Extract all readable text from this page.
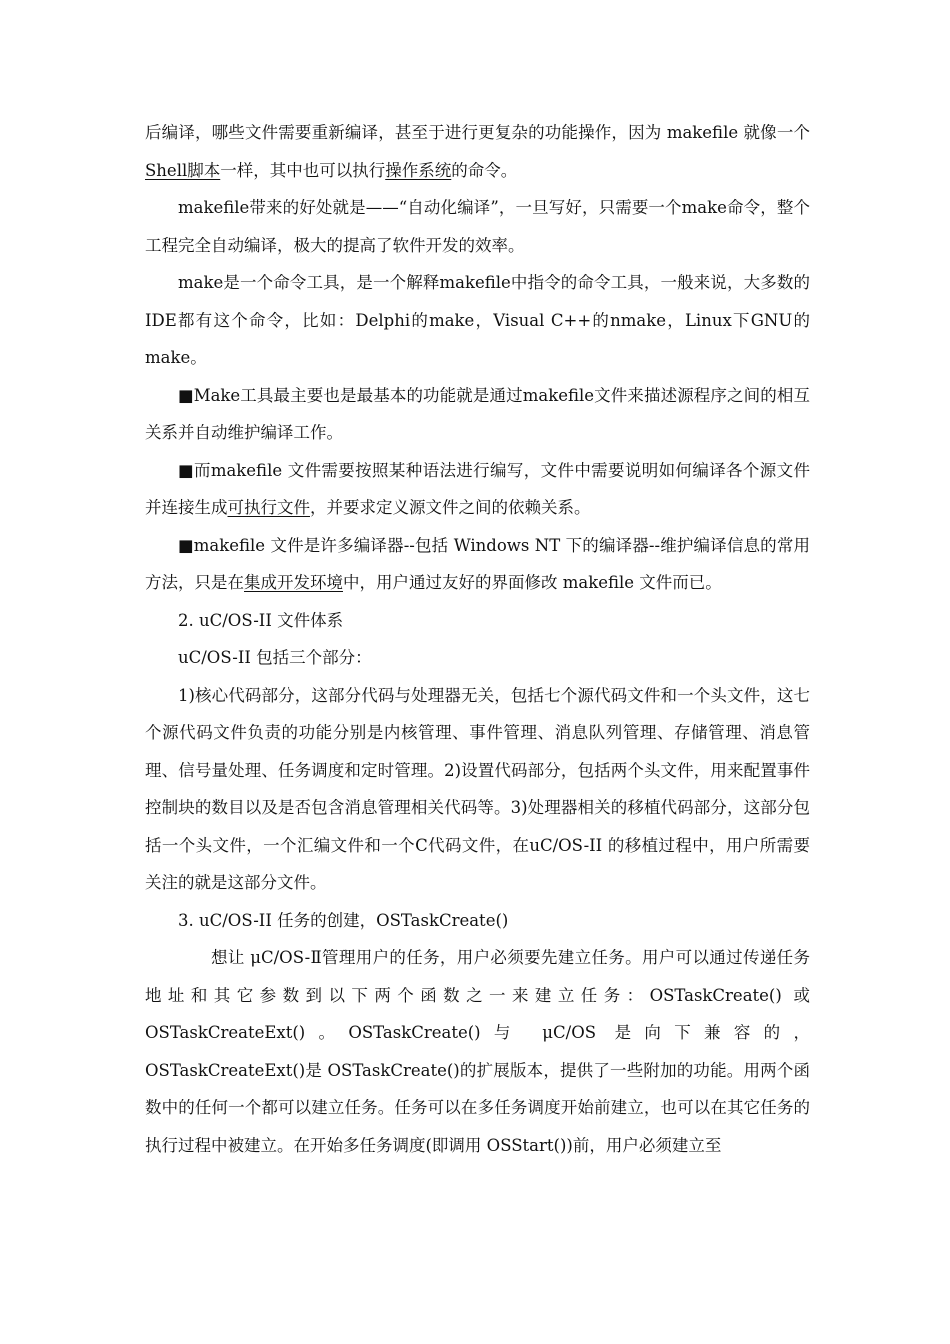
后编译，哪些文件需要重新编译，甚至于进行更复杂的功能操作，因为 makefile 就像一个Shell脚本一样，其中也可以执行操作系统的命令。

makefile带来的好处就是——“自动化编译”，一旦写好，只需要一个make命令，整个工程完全自动编译，极大的提高了软件开发的效率。

make是一个命令工具，是一个解释makefile中指令的命令工具，一般来说，大多数的IDE都有这个命令，比如：Delphi的make，Visual C++的nmake，Linux下GNU的make。

■Make工具最主要也是最基本的功能就是通过makefile文件来描述源程序之间的相互关系并自动维护编译工作。

■而makefile 文件需要按照某种语法进行编写，文件中需要说明如何编译各个源文件并连接生成可执行文件，并要求定义源文件之间的依赖关系。

■makefile 文件是许多编译器--包括 Windows NT 下的编译器--维护编译信息的常用方法，只是在集成开发环境中，用户通过友好的界面修改 makefile 文件而已。

2. uC/OS-II 文件体系

uC/OS-II 包括三个部分：

1)核心代码部分，这部分代码与处理器无关，包括七个源代码文件和一个头文件，这七个源代码文件负责的功能分别是内核管理、事件管理、消息队列管理、存储管理、消息管理、信号量处理、任务调度和定时管理。2)设置代码部分，包括两个头文件，用来配置事件控制块的数目以及是否包含消息管理相关代码等。3)处理器相关的移植代码部分，这部分包括一个头文件，一个汇编文件和一个C代码文件，在uC/OS-II 的移植过程中，用户所需要关注的就是这部分文件。

3. uC/OS-II 任务的创建，OSTaskCreate()

想让 μC/OS-Ⅱ管理用户的任务，用户必须要先建立任务。用户可以通过传递任务地址和其它参数到以下两个函数之一来建立任务：OSTaskCreate() 或 OSTaskCreateExt()。OSTaskCreate()与 μC/OS 是向下兼容的，OSTaskCreateExt()是 OSTaskCreate()的扩展版本，提供了一些附加的功能。用两个函数中的任何一个都可以建立任务。任务可以在多任务调度开始前建立，也可以在其它任务的执行过程中被建立。在开始多任务调度(即调用 OSStart())前，用户必须建立至
